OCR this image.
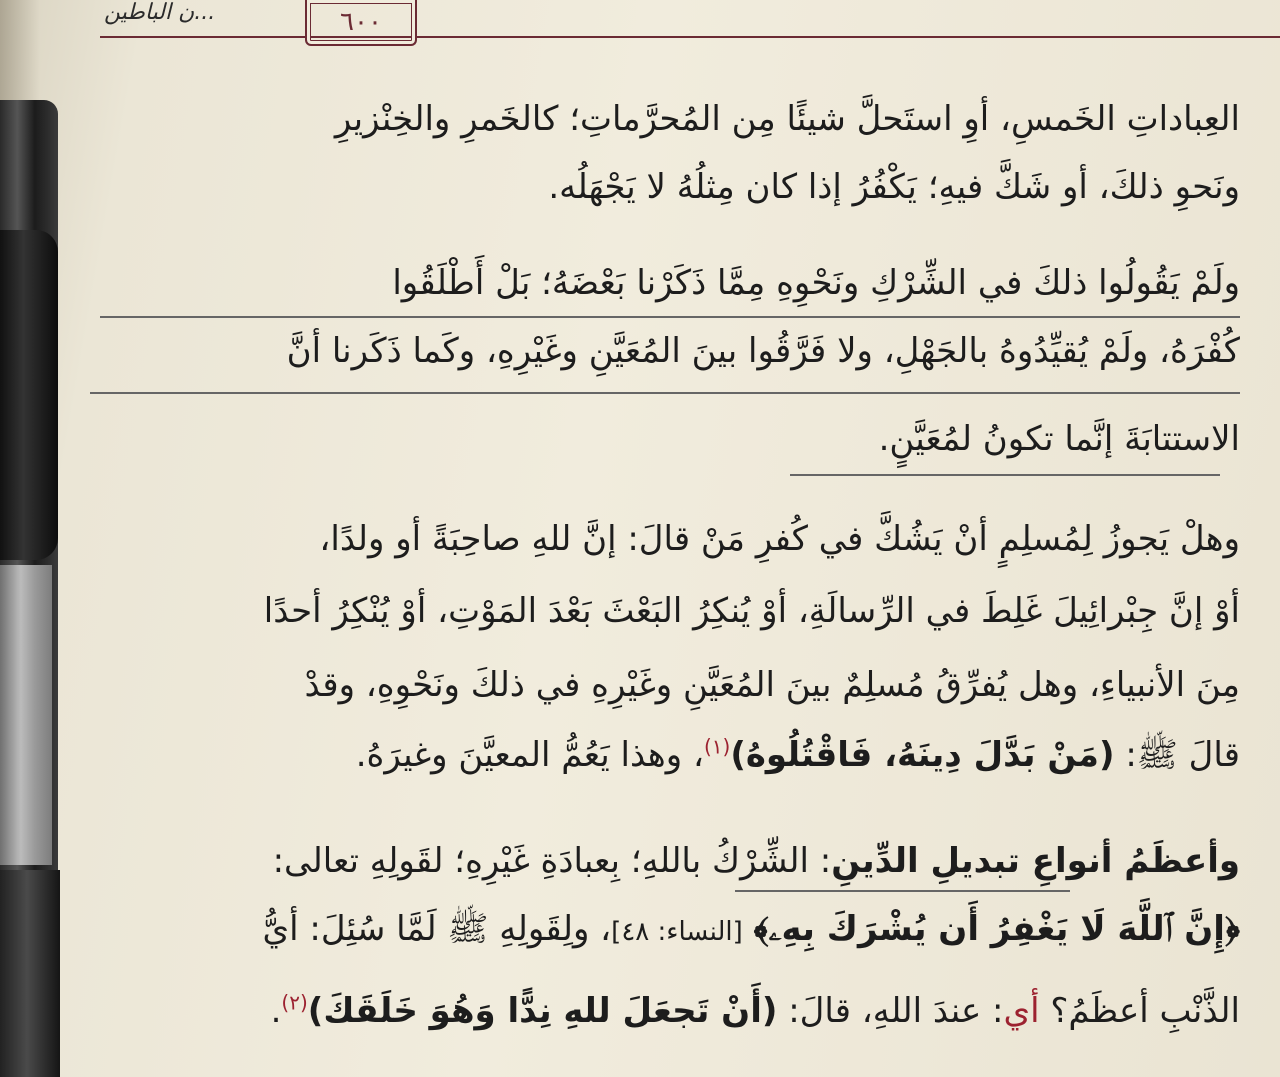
...ن الباطين	٦٠٠
العِباداتِ الخَمسِ، أوِ استَحلَّ شيئًا مِن المُحرَّماتِ؛ كالخَمرِ والخِنْزيرِ
ونَحوِ ذلكَ، أو شَكَّ فيهِ؛ يَكْفُرُ إذا كان مِثلُهُ لا يَجْهَلُه.
ولَمْ يَقُولُوا ذلكَ في الشِّرْكِ ونَحْوِهِ مِمَّا ذَكَرْنا بَعْضَهُ؛ بَلْ أَطْلَقُوا
كُفْرَهُ، ولَمْ يُقيِّدُوهُ بالجَهْلِ، ولا فَرَّقُوا بينَ المُعَيَّنِ وغَيْرِهِ، وكَما ذَكَرنا أنَّ
الاستتابَةَ إنَّما تكونُ لمُعَيَّنٍ.
وهلْ يَجوزُ لِمُسلِمٍ أنْ يَشُكَّ في كُفرِ مَنْ قالَ: إنَّ للهِ صاحِبَةً أو ولدًا،
أوْ إنَّ جِبْرائِيلَ غَلِطَ في الرِّسالَةِ، أوْ يُنكِرُ البَعْثَ بَعْدَ المَوْتِ، أوْ يُنْكِرُ أحدًا
مِنَ الأنبياءِ، وهل يُفرِّقُ مُسلِمٌ بينَ المُعَيَّنِ وغَيْرِهِ في ذلكَ ونَحْوِهِ، وقدْ
قالَ ﷺ: (مَنْ بَدَّلَ دِينَهُ، فَاقْتُلُوهُ)$^{(١)}$، وهذا يَعُمُّ المعيَّنَ وغيرَهُ.
وأعظَمُ أنواعِ تبديلِ الدِّينِ: الشِّرْكُ باللهِ؛ بِعبادَةِ غَيْرِهِ؛ لقَولِهِ تعالى:
﴿إِنَّ ٱللَّهَ لَا يَغْفِرُ أَن يُشْرَكَ بِهِۦ﴾ [النساء: ٤٨]، ولِقَولِهِ ﷺ لَمَّا سُئِلَ: أيُّ
الذَّنْبِ أعظَمُ؟ أي: عندَ اللهِ، قالَ: (أَنْ تَجعَلَ للهِ نِدًّا وَهُوَ خَلَقَكَ)$^{(٢)}$.
